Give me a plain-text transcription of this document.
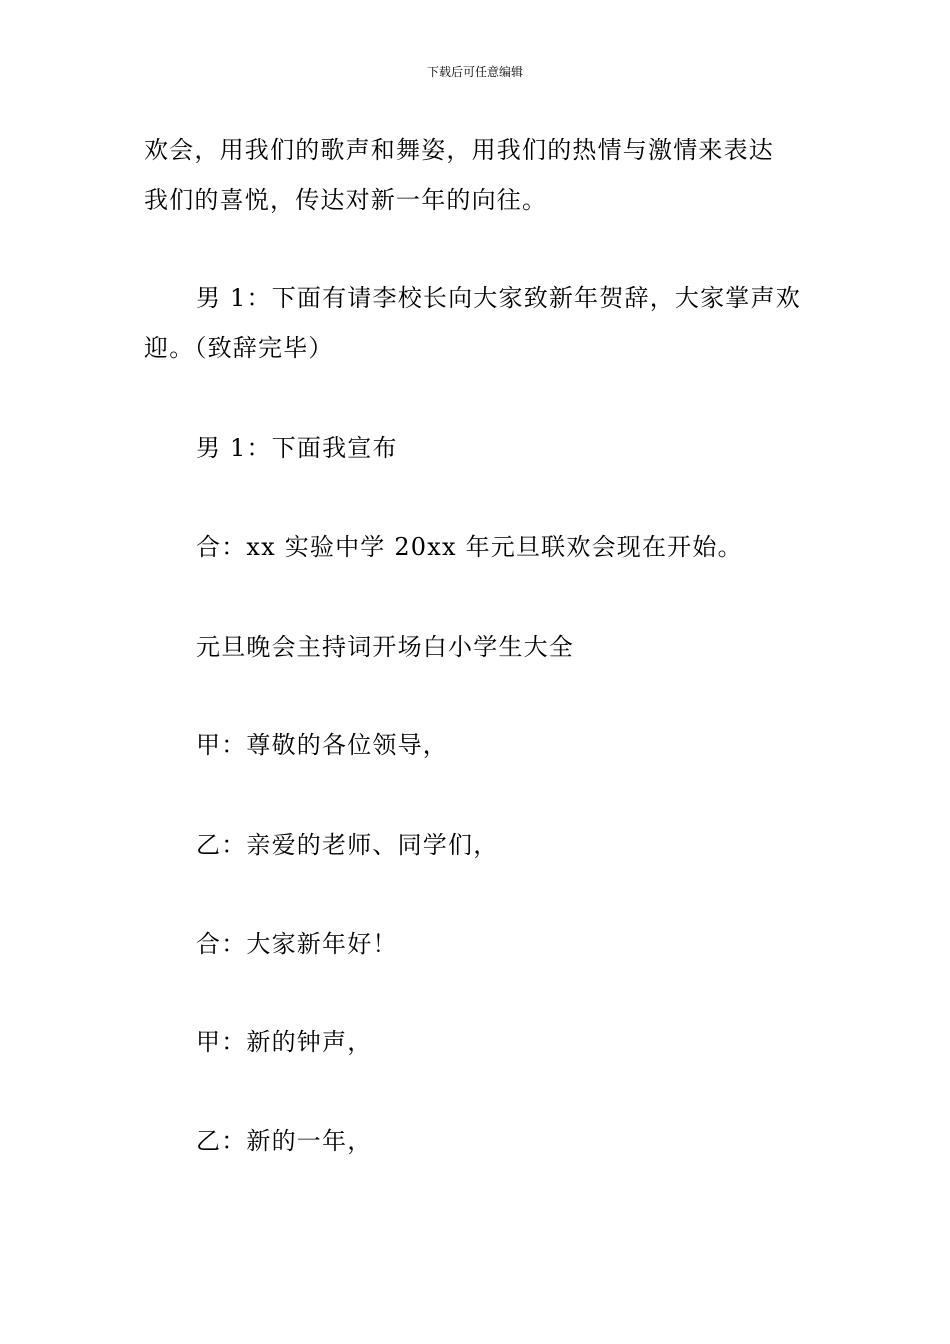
下载后可任意编辑

欢会，用我们的歌声和舞姿，用我们的热情与激情来表达

我们的喜悦，传达对新一年的向往。

男 1：下面有请李校长向大家致新年贺辞，大家掌声欢

迎。（致辞完毕）

男 1：下面我宣布

合：xx 实验中学 20xx 年元旦联欢会现在开始。

元旦晚会主持词开场白小学生大全

甲：尊敬的各位领导，

乙：亲爱的老师、同学们，

合：大家新年好！

甲：新的钟声，

乙：新的一年，
